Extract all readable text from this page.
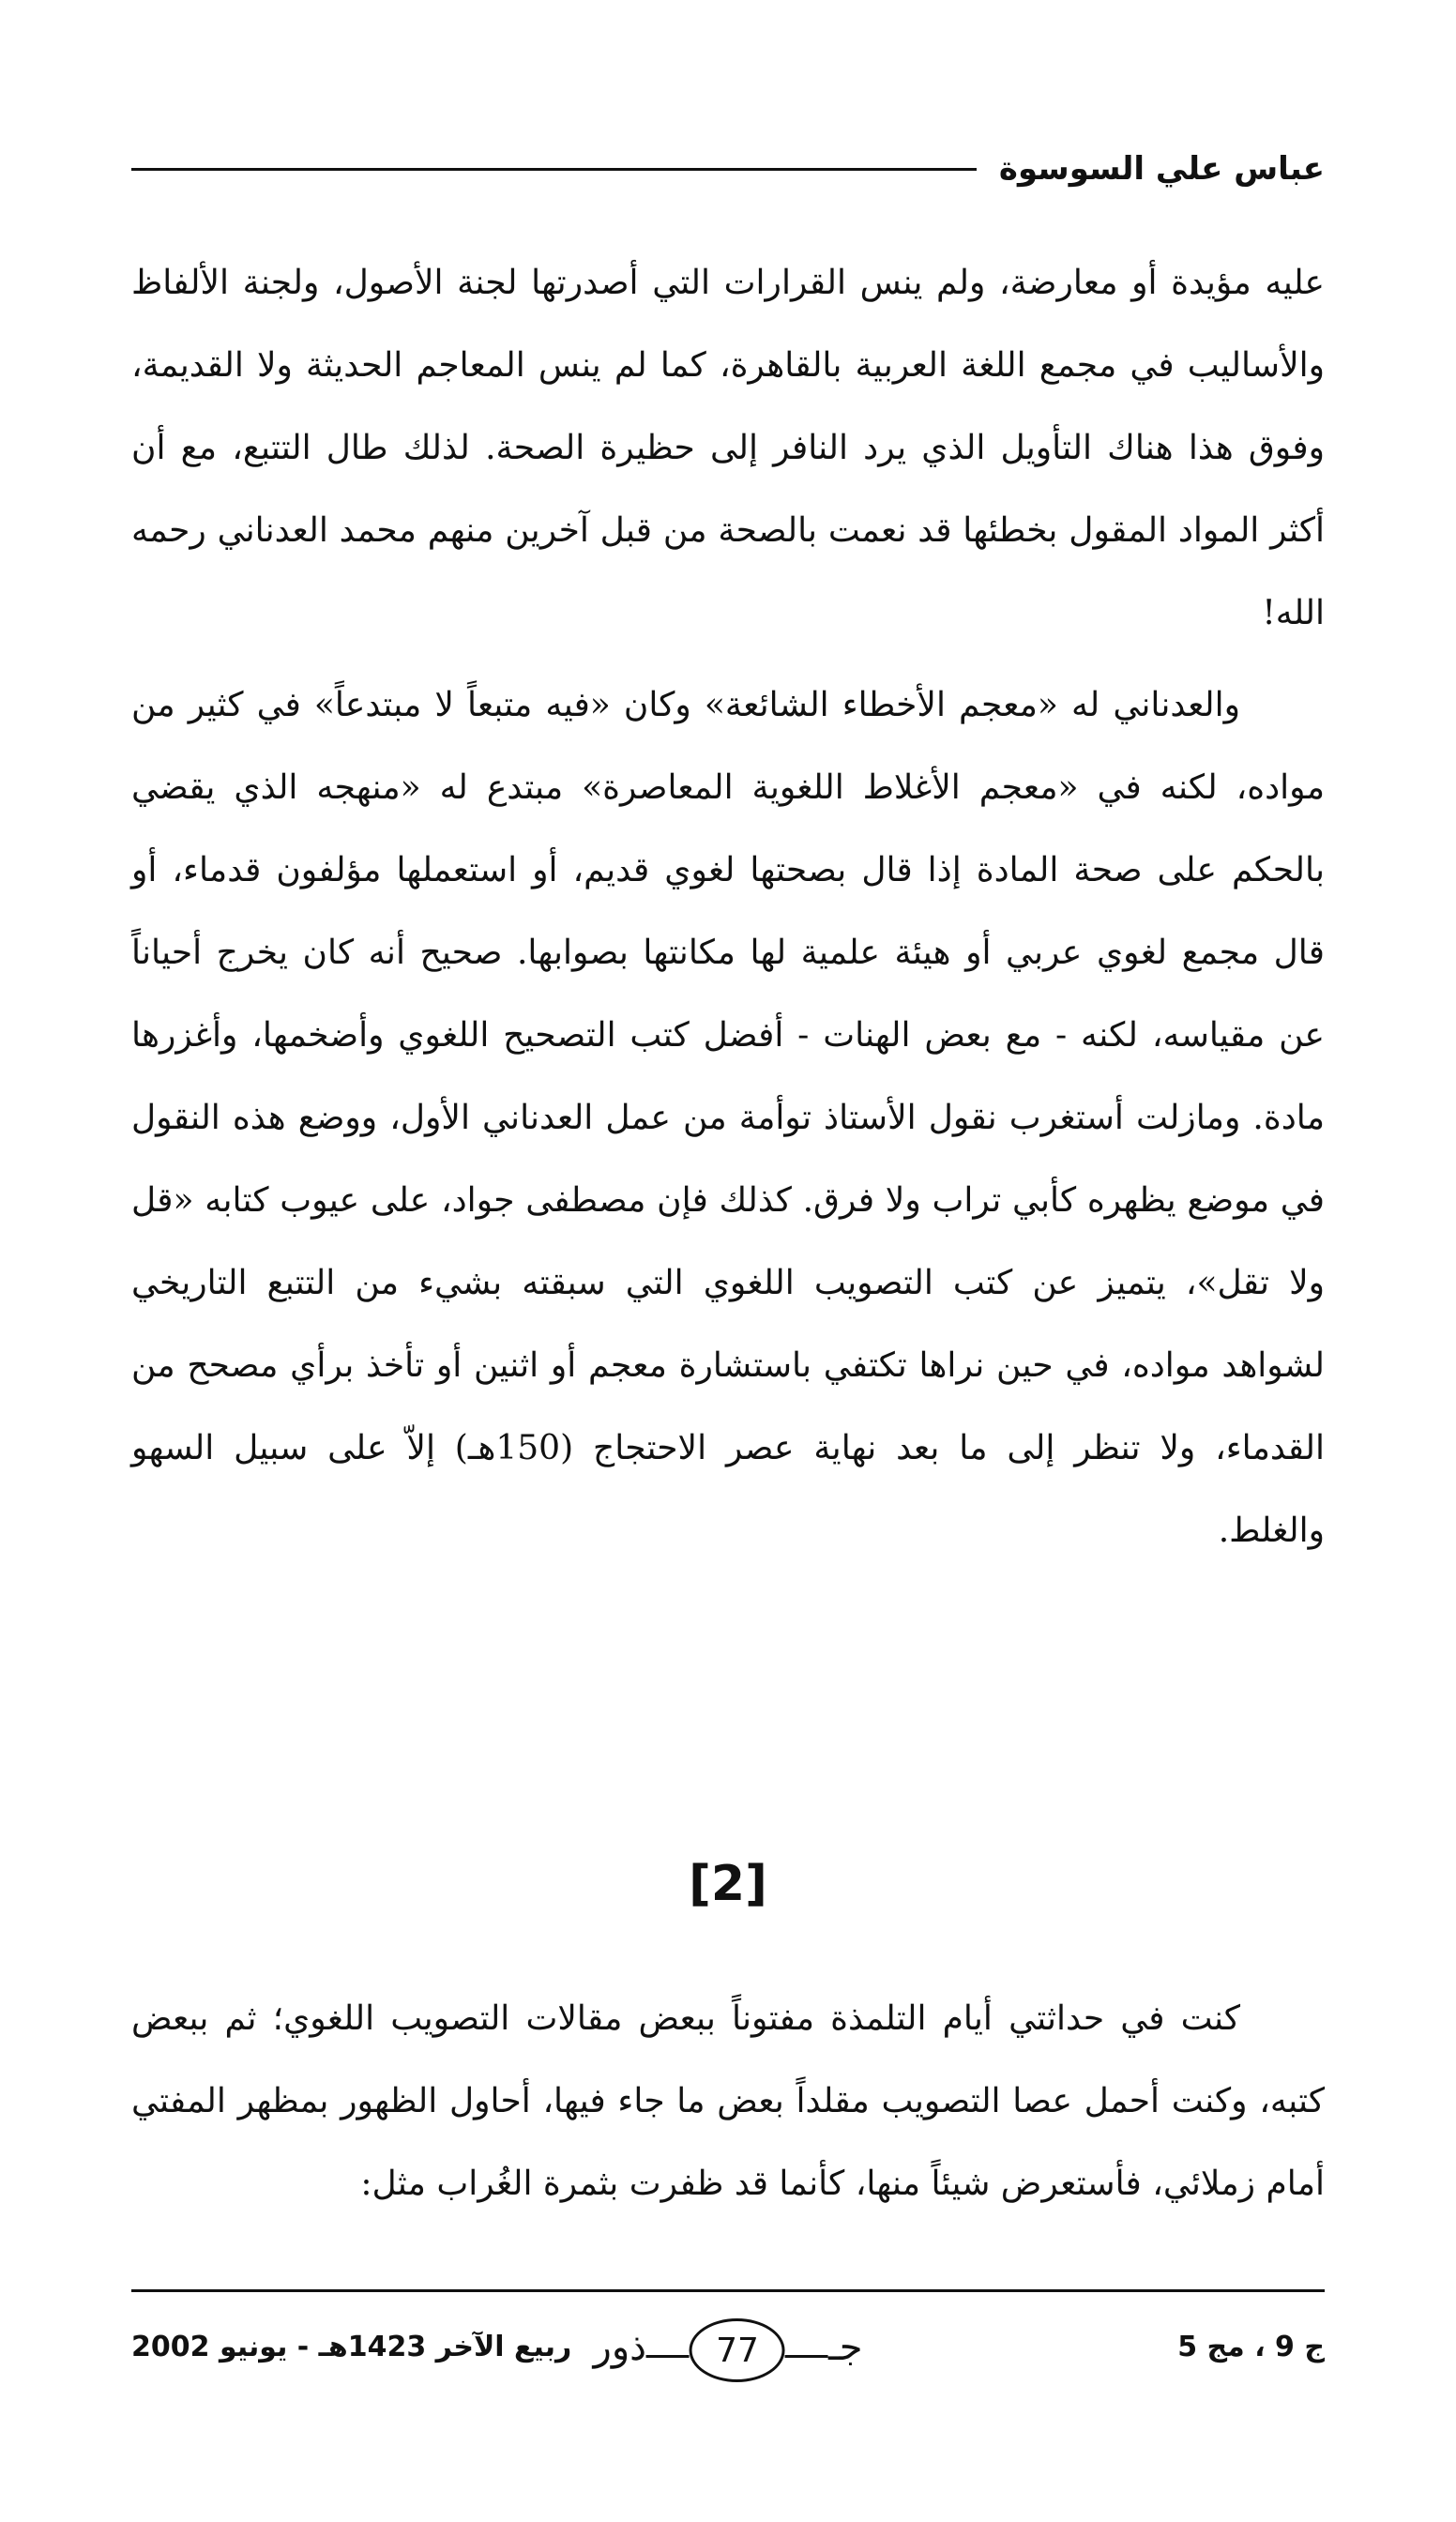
عباس علي السوسوة

عليه مؤيدة أو معارضة، ولم ينس القرارات التي أصدرتها لجنة الأصول، ولجنة الألفاظ والأساليب في مجمع اللغة العربية بالقاهرة، كما لم ينس المعاجم الحديثة ولا القديمة، وفوق هذا هناك التأويل الذي يرد النافر إلى حظيرة الصحة. لذلك طال التتبع، مع أن أكثر المواد المقول بخطئها قد نعمت بالصحة من قبل آخرين منهم محمد العدناني رحمه الله!

والعدناني له «معجم الأخطاء الشائعة» وكان «فيه متبعاً لا مبتدعاً» في كثير من مواده، لكنه في «معجم الأغلاط اللغوية المعاصرة» مبتدع له «منهجه الذي يقضي بالحكم على صحة المادة إذا قال بصحتها لغوي قديم، أو استعملها مؤلفون قدماء، أو قال مجمع لغوي عربي أو هيئة علمية لها مكانتها بصوابها. صحيح أنه كان يخرج أحياناً عن مقياسه، لكنه - مع بعض الهنات - أفضل كتب التصحيح اللغوي وأضخمها، وأغزرها مادة. ومازلت أستغرب نقول الأستاذ توأمة من عمل العدناني الأول، ووضع هذه النقول في موضع يظهره كأبي تراب ولا فرق. كذلك فإن مصطفى جواد، على عيوب كتابه «قل ولا تقل»، يتميز عن كتب التصويب اللغوي التي سبقته بشيء من التتبع التاريخي لشواهد مواده، في حين نراها تكتفي باستشارة معجم أو اثنين أو تأخذ برأي مصحح من القدماء، ولا تنظر إلى ما بعد نهاية عصر الاحتجاج (150هـ) إلاّ على سبيل السهو والغلط.

[2]

كنت في حداثتي أيام التلمذة مفتوناً ببعض مقالات التصويب اللغوي؛ ثم ببعض كتبه، وكنت أحمل عصا التصويب مقلداً بعض ما جاء فيها، أحاول الظهور بمظهر المفتي أمام زملائي، فأستعرض شيئاً منها، كأنما قد ظفرت بثمرة الغُراب مثل:

ج 9 ، مج 5
جـ
77
ذور
ربيع الآخر 1423هـ - يونيو 2002
